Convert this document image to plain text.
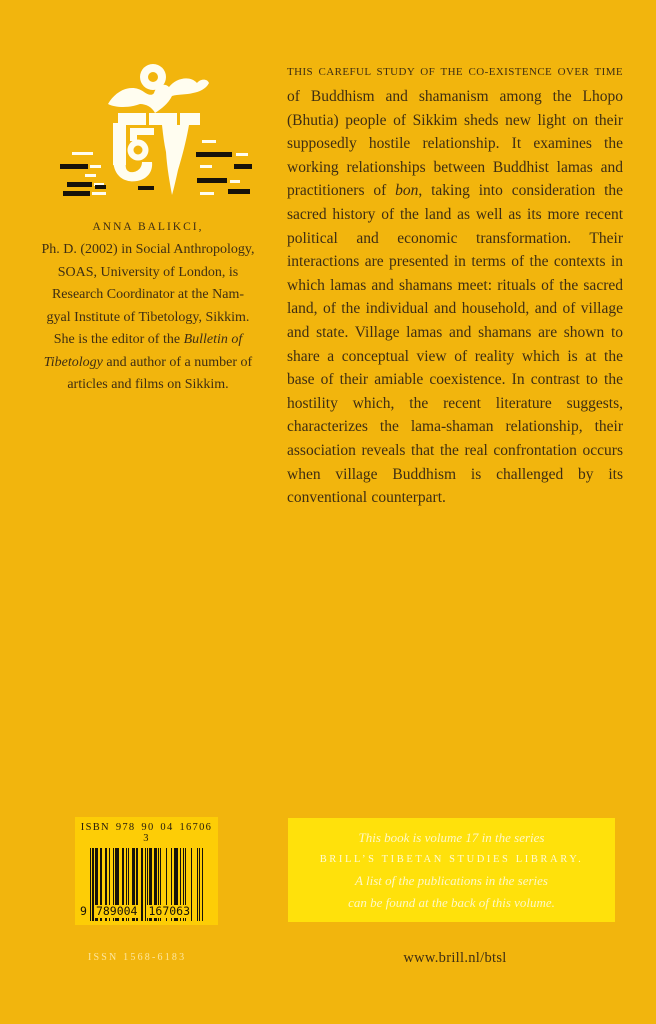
ANNA BALIKCI,
Ph. D. (2002) in Social Anthropology,
SOAS, University of London, is
Research Coordinator at the Nam-
gyal Institute of Tibetology, Sikkim.
She is the editor of the Bulletin of
Tibetology and author of a number of
articles and films on Sikkim.
THIS CAREFUL STUDY OF THE CO-EXISTENCE OVER TIME

of Buddhism and shamanism among the Lhopo (Bhutia) people of Sikkim sheds new light on their supposedly hostile relationship. It examines the working relationships between Buddhist lamas and practitioners of bon, taking into consideration the sacred history of the land as well as its more recent political and economic transformation. Their interactions are presented in terms of the contexts in which lamas and shamans meet: rituals of the sacred land, of the individual and household, and of village and state. Village lamas and shamans are shown to share a conceptual view of reality which is at the base of their amiable coexistence. In contrast to the hostility which, the recent literature suggests, characterizes the lama-shaman relationship, their association reveals that the real confrontation occurs when village Buddhism is challenged by its conventional counterpart.

ISBN 978 90 04 16706 3
9 789004 167063
This book is volume 17 in the series
BRILL’S TIBETAN STUDIES LIBRARY.
A list of the publications in the series
can be found at the back of this volume.
ISSN 1568-6183	www.brill.nl/btsl
